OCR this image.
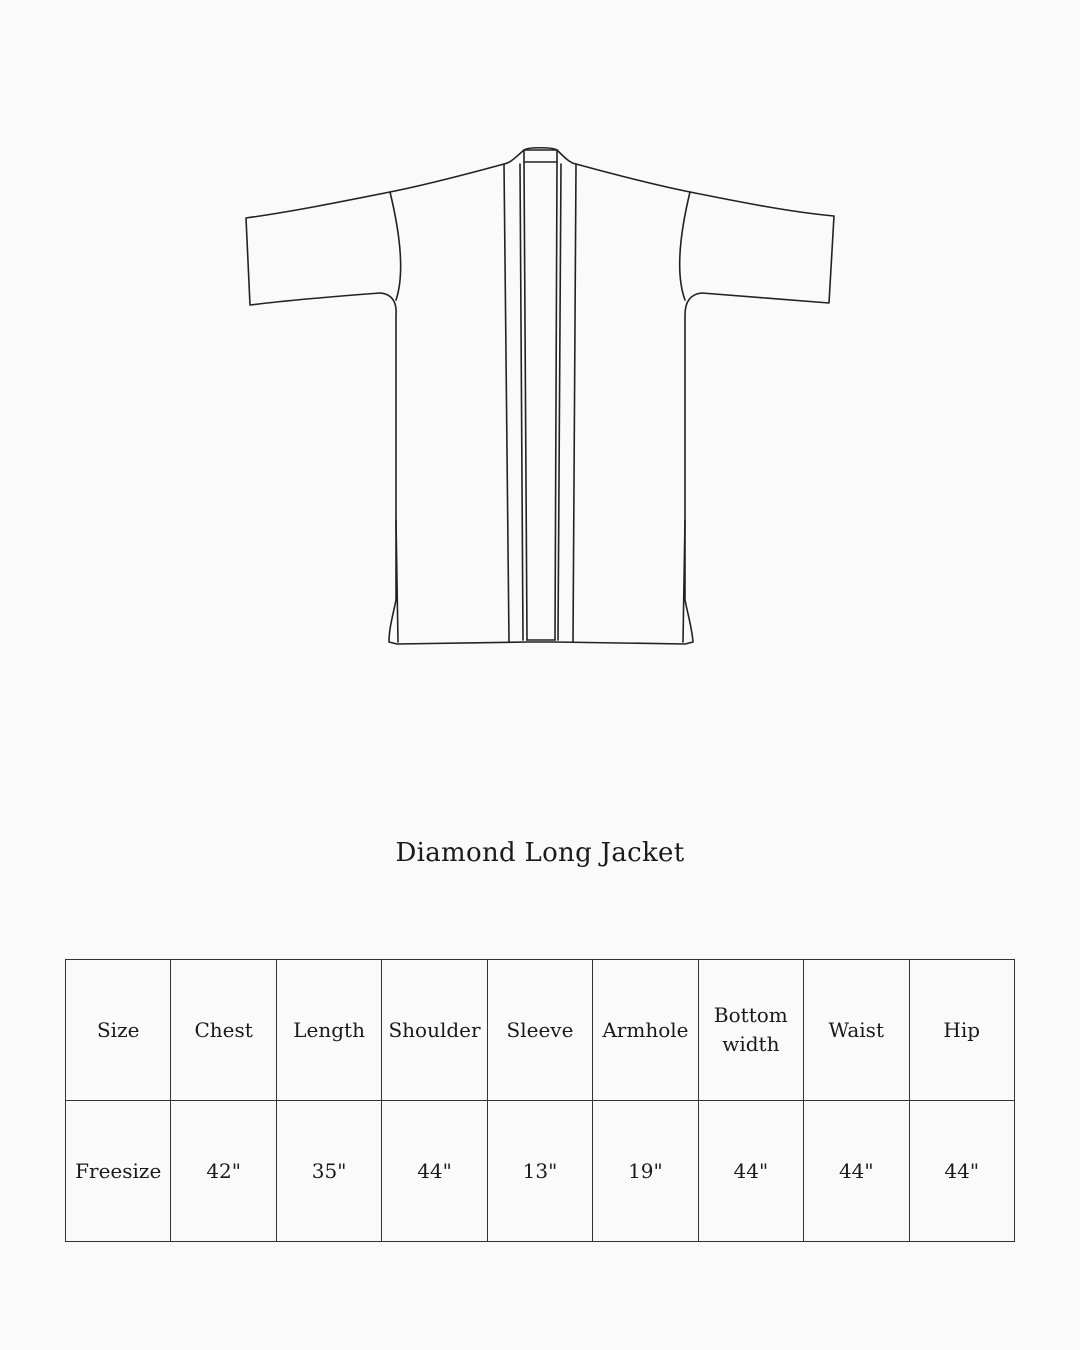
Diamond Long Jacket
Size	Chest	Length	Shoulder	Sleeve	Armhole	Bottom width	Waist	Hip
Freesize	42"	35"	44"	13"	19"	44"	44"	44"
